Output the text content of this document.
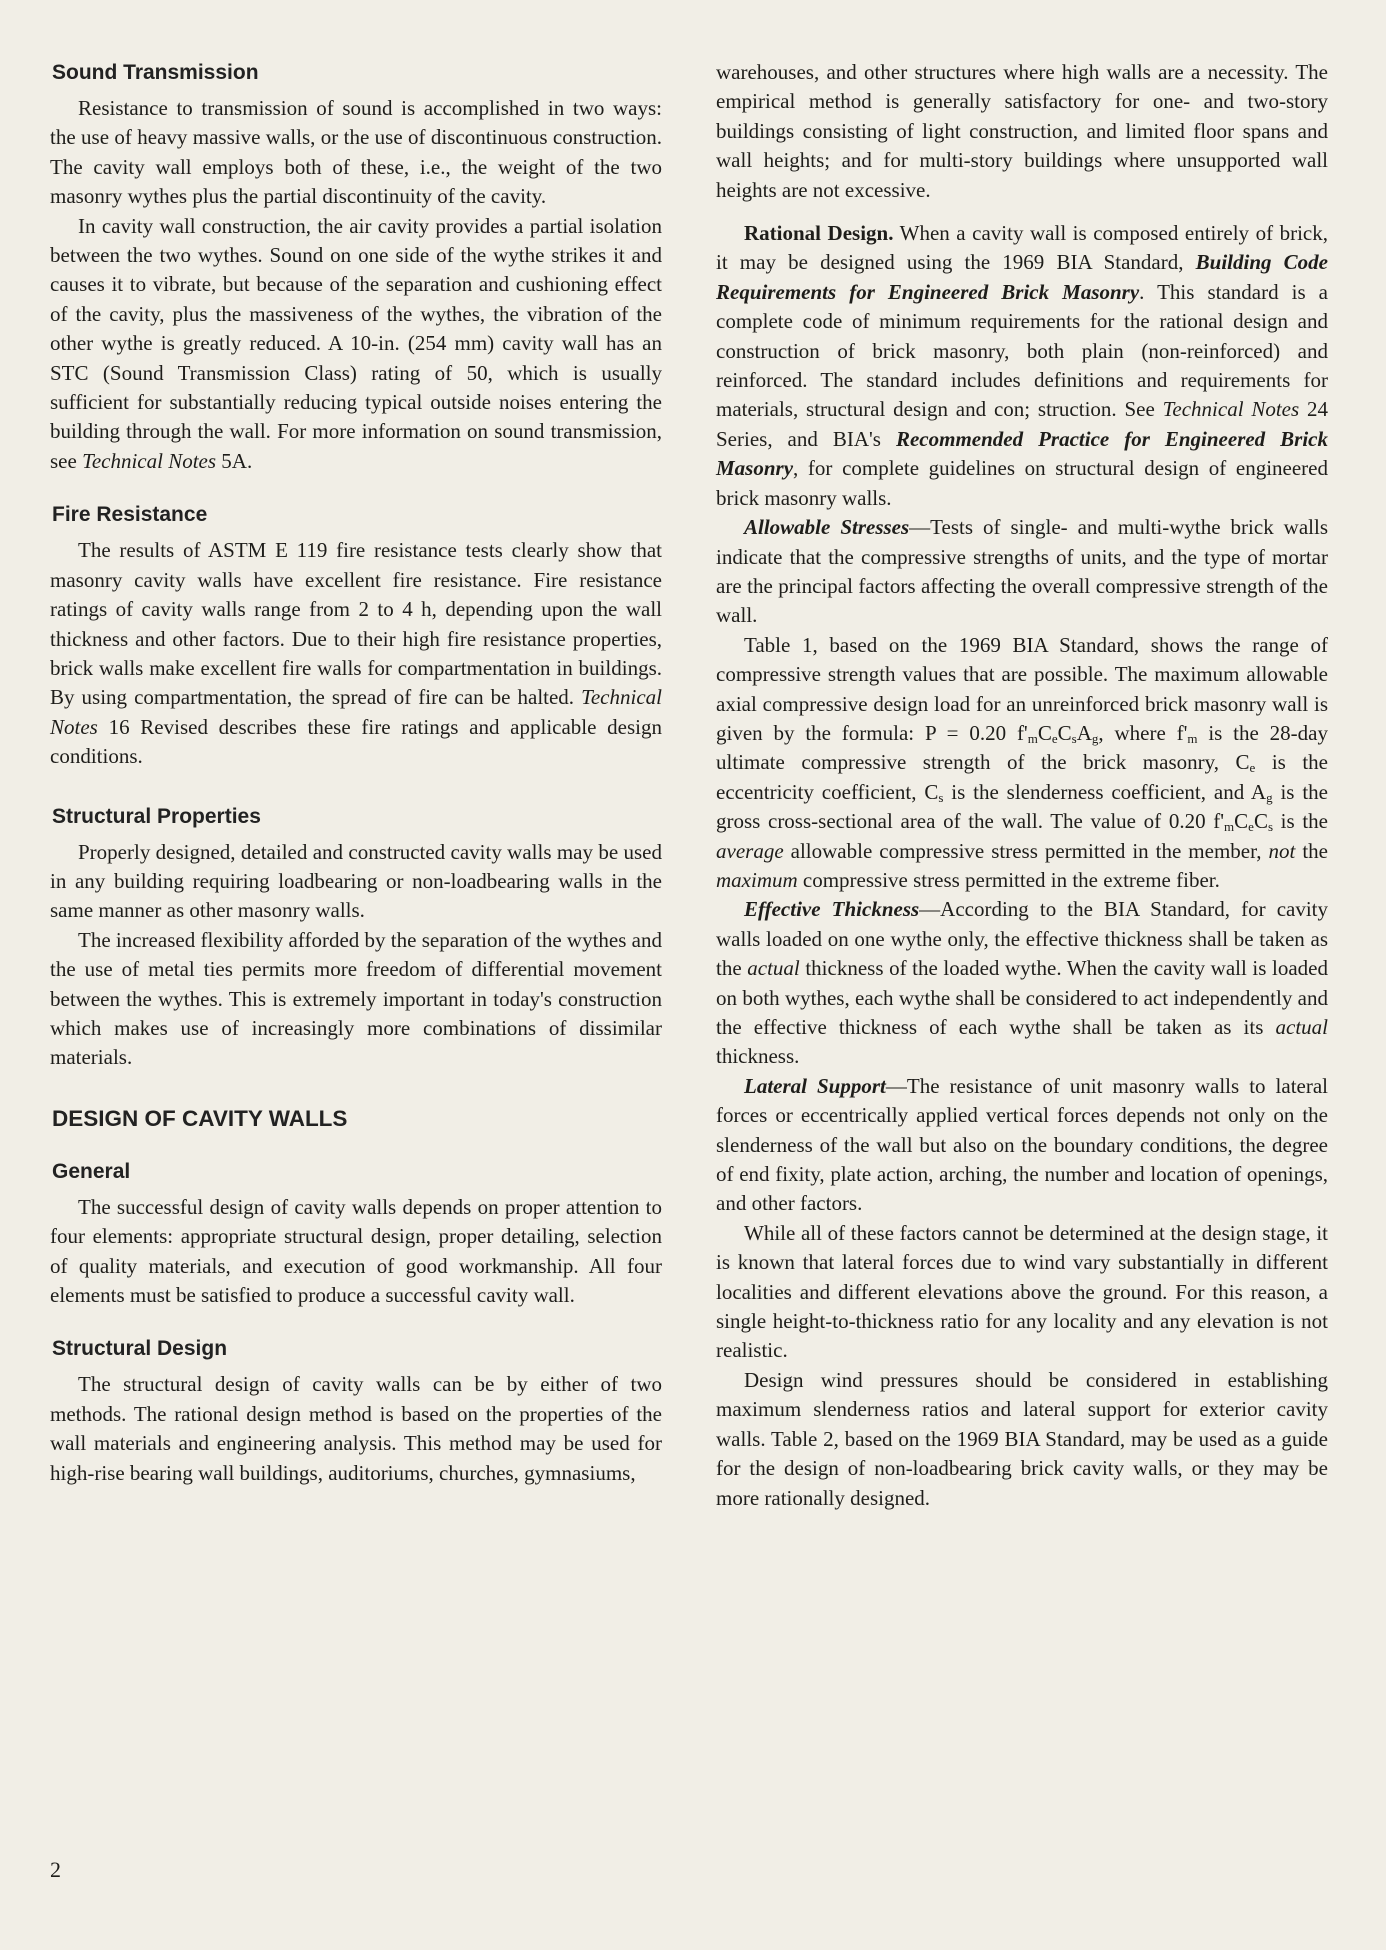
Sound Transmission

Resistance to transmission of sound is accomplished in two ways: the use of heavy massive walls, or the use of discontinuous construction. The cavity wall employs both of these, i.e., the weight of the two masonry wythes plus the partial discontinuity of the cavity.

In cavity wall construction, the air cavity provides a partial isolation between the two wythes. Sound on one side of the wythe strikes it and causes it to vibrate, but because of the separation and cushioning effect of the cavity, plus the massiveness of the wythes, the vibration of the other wythe is greatly reduced. A 10-in. (254 mm) cavity wall has an STC (Sound Transmission Class) rating of 50, which is usually sufficient for substantially reducing typical outside noises entering the building through the wall. For more information on sound transmission, see Technical Notes 5A.

Fire Resistance

The results of ASTM E 119 fire resistance tests clearly show that masonry cavity walls have excellent fire resistance. Fire resistance ratings of cavity walls range from 2 to 4 h, depending upon the wall thickness and other factors. Due to their high fire resistance properties, brick walls make excellent fire walls for compartmentation in buildings. By using compartmentation, the spread of fire can be halted. Technical Notes 16 Revised describes these fire ratings and applicable design conditions.

Structural Properties

Properly designed, detailed and constructed cavity walls may be used in any building requiring loadbearing or non-loadbearing walls in the same manner as other masonry walls.

The increased flexibility afforded by the separation of the wythes and the use of metal ties permits more freedom of differential movement between the wythes. This is extremely important in today's construction which makes use of increasingly more combinations of dissimilar materials.

DESIGN OF CAVITY WALLS
General

The successful design of cavity walls depends on proper attention to four elements: appropriate structural design, proper detailing, selection of quality materials, and execution of good workmanship. All four elements must be satisfied to produce a successful cavity wall.

Structural Design

The structural design of cavity walls can be by either of two methods. The rational design method is based on the properties of the wall materials and engineering analysis. This method may be used for high-rise bearing wall buildings, auditoriums, churches, gymnasiums,

warehouses, and other structures where high walls are a necessity. The empirical method is generally satisfactory for one- and two-story buildings consisting of light construction, and limited floor spans and wall heights; and for multi-story buildings where unsupported wall heights are not excessive.

Rational Design. When a cavity wall is composed entirely of brick, it may be designed using the 1969 BIA Standard, Building Code Requirements for Engineered Brick Masonry. This standard is a complete code of minimum requirements for the rational design and construction of brick masonry, both plain (non-reinforced) and reinforced. The standard includes definitions and requirements for materials, structural design and con; struction. See Technical Notes 24 Series, and BIA's Recommended Practice for Engineered Brick Masonry, for complete guidelines on structural design of engineered brick masonry walls.

Allowable Stresses—Tests of single- and multi-wythe brick walls indicate that the compressive strengths of units, and the type of mortar are the principal factors affecting the overall compressive strength of the wall.

Table 1, based on the 1969 BIA Standard, shows the range of compressive strength values that are possible. The maximum allowable axial compressive design load for an unreinforced brick masonry wall is given by the formula: P = 0.20 $f'_mC_eC_sA_g$, where $f'_m$ is the 28-day ultimate compressive strength of the brick masonry, $C_e$ is the eccentricity coefficient, $C_s$ is the slenderness coefficient, and $A_g$ is the gross cross-sectional area of the wall. The value of 0.20 $f'_mC_eC_s$ is the average allowable compressive stress permitted in the member, not the maximum compressive stress permitted in the extreme fiber.

Effective Thickness—According to the BIA Standard, for cavity walls loaded on one wythe only, the effective thickness shall be taken as the actual thickness of the loaded wythe. When the cavity wall is loaded on both wythes, each wythe shall be considered to act independently and the effective thickness of each wythe shall be taken as its actual thickness.

Lateral Support—The resistance of unit masonry walls to lateral forces or eccentrically applied vertical forces depends not only on the slenderness of the wall but also on the boundary conditions, the degree of end fixity, plate action, arching, the number and location of openings, and other factors.

While all of these factors cannot be determined at the design stage, it is known that lateral forces due to wind vary substantially in different localities and different elevations above the ground. For this reason, a single height-to-thickness ratio for any locality and any elevation is not realistic.

Design wind pressures should be considered in establishing maximum slenderness ratios and lateral support for exterior cavity walls. Table 2, based on the 1969 BIA Standard, may be used as a guide for the design of non-loadbearing brick cavity walls, or they may be more rationally designed.

2
